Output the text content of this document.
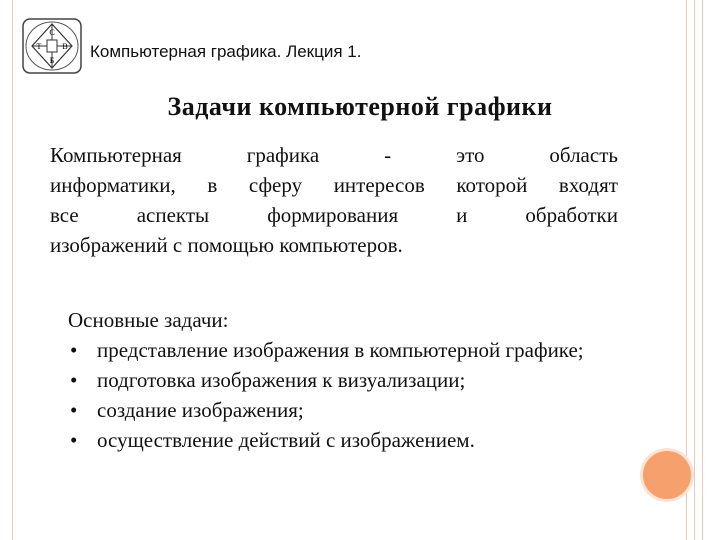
С
Т	В
Б Компьютерная графика. Лекция 1.
Задачи компьютерной графики
Компьютерная	графика	-	это	область
информатики, в сферу интересов которой входят
все	аспекты	формирования	и	обработки
изображений с помощью компьютеров.
Основные задачи:
• представление изображения в компьютерной графике;
• подготовка изображения к визуализации;
• создание изображения;
• осуществление действий с изображением.
